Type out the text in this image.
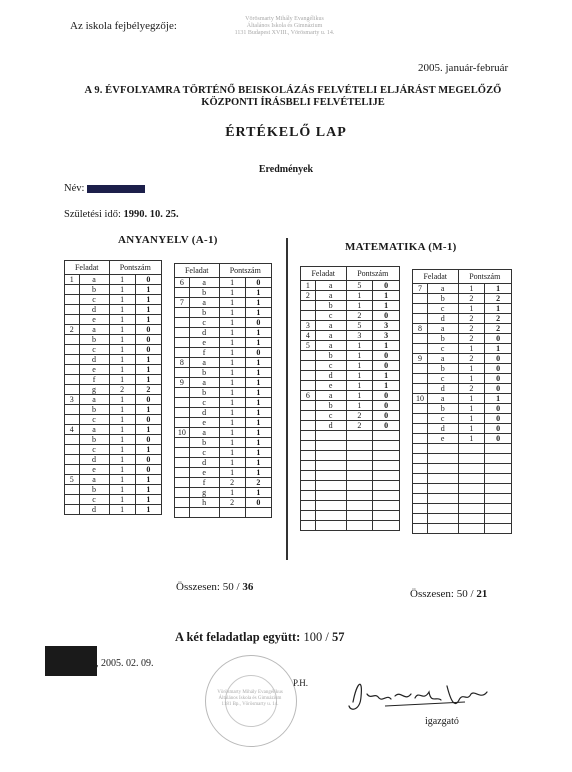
Az iskola fejbélyegzője:
Vörösmarty Mihály Evangélikus
Általános Iskola és Gimnázium
1131 Budapest XVIII., Vörösmarty u. 14.
2005. január-február
A 9. ÉVFOLYAMRA TÖRTÉNŐ BEISKOLÁZÁS FELVÉTELI ELJÁRÁST MEGELŐZŐ
KÖZPONTI ÍRÁSBELI FELVÉTELIJE
ÉRTÉKELŐ LAP
Eredmények
Név:
Születési idő: 1990. 10. 25.
ANYANYELV (A-1)
MATEMATIKA (M-1)
Feladat		Pontszám	
1	a	1	0
	b	1	1
	c	1	1
	d	1	1
	e	1	1
2	a	1	0
	b	1	0
	c	1	0
	d	1	1
	e	1	1
	f	1	1
	g	2	2
3	a	1	0
	b	1	1
	c	1	0
4	a	1	1
	b	1	0
	c	1	1
	d	1	0
	e	1	0
5	a	1	1
	b	1	1
	c	1	1
	d	1	1
Feladat		Pontszám	
6	a	1	0
	b	1	1
7	a	1	1
	b	1	1
	c	1	0
	d	1	1
	e	1	1
	f	1	0
8	a	1	1
	b	1	1
9	a	1	1
	b	1	1
	c	1	1
	d	1	1
	e	1	1
10	a	1	1
	b	1	1
	c	1	1
	d	1	1
	e	1	1
	f	2	2
	g	1	1
	h	2	0

Feladat		Pontszám	
1	a	5	0
2	a	1	1
	b	1	1
	c	2	0
3	a	5	3
4	a	3	3
5	a	1	1
	b	1	0
	c	1	0
	d	1	1
	e	1	1
6	a	1	0
	b	1	0
	c	2	0
	d	2	0

Feladat		Pontszám	
7	a	1	1
	b	2	2
	c	1	1
	d	2	2
8	a	2	2
	b	2	0
	c	1	1
9	a	2	0
	b	1	0
	c	1	0
	d	2	0
10	a	1	1
	b	1	0
	c	1	0
	d	1	0
	e	1	0

Összesen: 50 / 36
Összesen: 50 / 21
A két feladatlap együtt: 100 / 57
, 2005. 02. 09.
Vörösmarty Mihály Evangélikus
Általános Iskola és Gimnázium
1181 Bp., Vörösmarty u. 14.
P.H.
igazgató
